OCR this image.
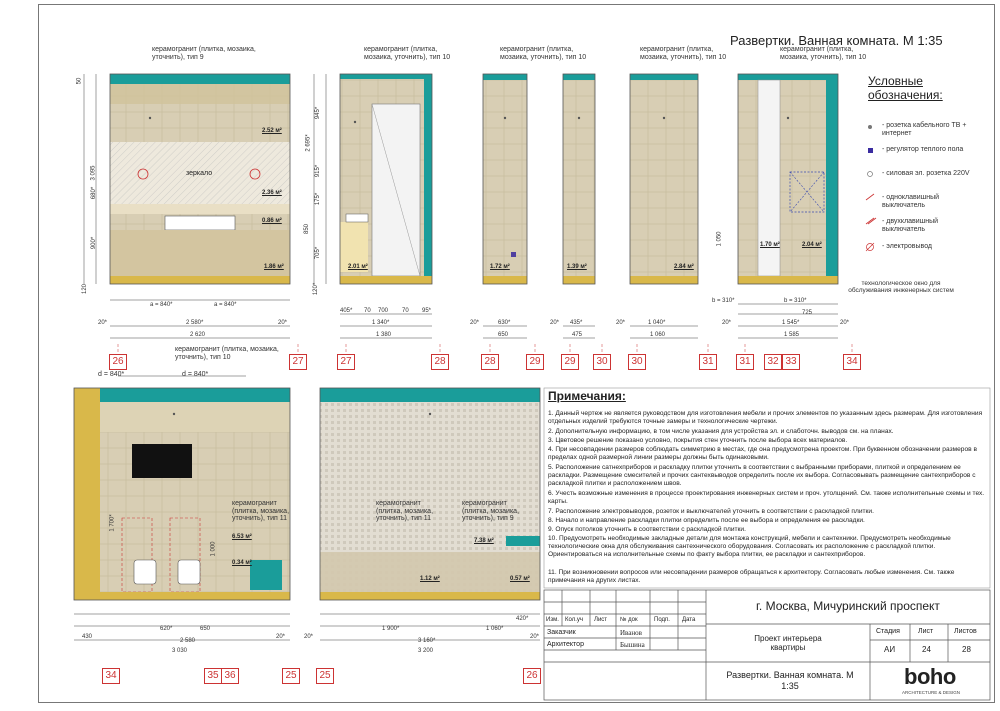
Развертки. Ванная комната. М 1:35
керамогранит (плитка, мозаика, уточнить), тип 9
керамогранит (плитка, мозаика, уточнить), тип 10
керамогранит (плитка, мозаика, уточнить), тип 10
керамогранит (плитка, мозаика, уточнить), тип 10
керамогранит (плитка, мозаика, уточнить), тип 10
2.52 м²
2.36 м²
0.86 м²
1.86 м²
зеркало
2.01 м²	1.72 м²	1.39 м²	2.84 м²
1.70 м²	2.04 м²
a = 840*	a = 840*
2 580*
2 620
20*	20*
3 095
50
680*
900*
120
405* 70 700 70 95*
1 340*
1 380
945*
2 695*
915*
175*
850
705*
120*
20*	630*
650
20* 435*
475
20*	1 040*
1 060
b = 310*	b = 310*
725
1 545*
1 585
20*	20*
1 050
26	27	27	28	28	29	29	30	30	31	31	32 33	34
Условные обозначения:
- розетка кабельного ТВ + интернет
- регулятор теплого пола
- силовая эл. розетка 220V
- одноклавишный выключатель
- двухклавишный выключатель
- электровывод
технологическое окно для обслуживания инженерных систем
d = 840*	d = 840*
керамогранит (плитка, мозаика, уточнить), тип 10
керамогранит (плитка, мозаика, уточнить), тип 11
6.53 м²
0.34 м²
1 700*
1 000
430
620*	650
2 580
3 030
20*
керамогранит (плитка, мозаика, уточнить), тип 11
керамогранит (плитка, мозаика, уточнить), тип 9
1.12 м²
7.38 м²
0.57 м²
1 900*	1 060*
420*
3 160*
3 200
20*	20*
34	35 36	25	25	26
Примечания:
1. Данный чертеж не является руководством для изготовления мебели и прочих элементов по указанным здесь размерам. Для изготовления отдельных изделий требуются точные замеры и технологические чертежи.
2. Дополнительную информацию, в том числе указания для устройства эл. и слаботочн. выводов см. на планах.
3. Цветовое решение показано условно, покрытия стен уточнить после выбора всех материалов.
4. При несовпадении размеров соблюдать симметрию в местах, где она предусмотрена проектом. При буквенном обозначении размеров в пределах одной размерной линии размеры должны быть одинаковыми.
5. Расположение сатнехприборов и раскладку плитки уточнить в соответствии с выбранными приборами, плиткой и определением ее раскладки. Размещение смесителей и прочих сантехвыводов определить после их выбора. Согласовывать размещение сантехприборов с раскладкой плитки и расположением швов.
6. Учесть возможные изменения в процессе проектирования инженерных систем и проч. утолщений. См. также исполнительные схемы и тех. карты.
7. Расположение электровыводов, розеток и выключателей уточнить в соответствии с раскладкой плитки.
8. Начало и направление раскладки плитки определить после ее выбора и определения ее раскладки.
9. Опуск потолков уточнить в соответствии с раскладкой плитки.
10. Предусмотреть необходимые закладные детали для монтажа конструкций, мебели и сантехники. Предусмотреть необходимые технологические окна для обслуживания сантехнического оборудования. Согласовать их расположение с раскладкой плитки. Ориентироваться на исполнительные схемы по факту выбора плитки, ее раскладки и сантехприборов.
11. При возникновении вопросов или несовпадении размеров обращаться к архитектору. Согласовать любые изменения. См. также примечания на других листах.
г. Москва, Мичуринский проспект
Изм. Кол.уч Лист № док	Подп. Дата
Заказчик	Иванов
Архитектор	Бышина
Проект интерьера квартиры
Стадия	Лист	Листов
АИ	24	28
Развертки. Ванная комната. М 1:35	boho
ARCHITECTURE & DESIGN
